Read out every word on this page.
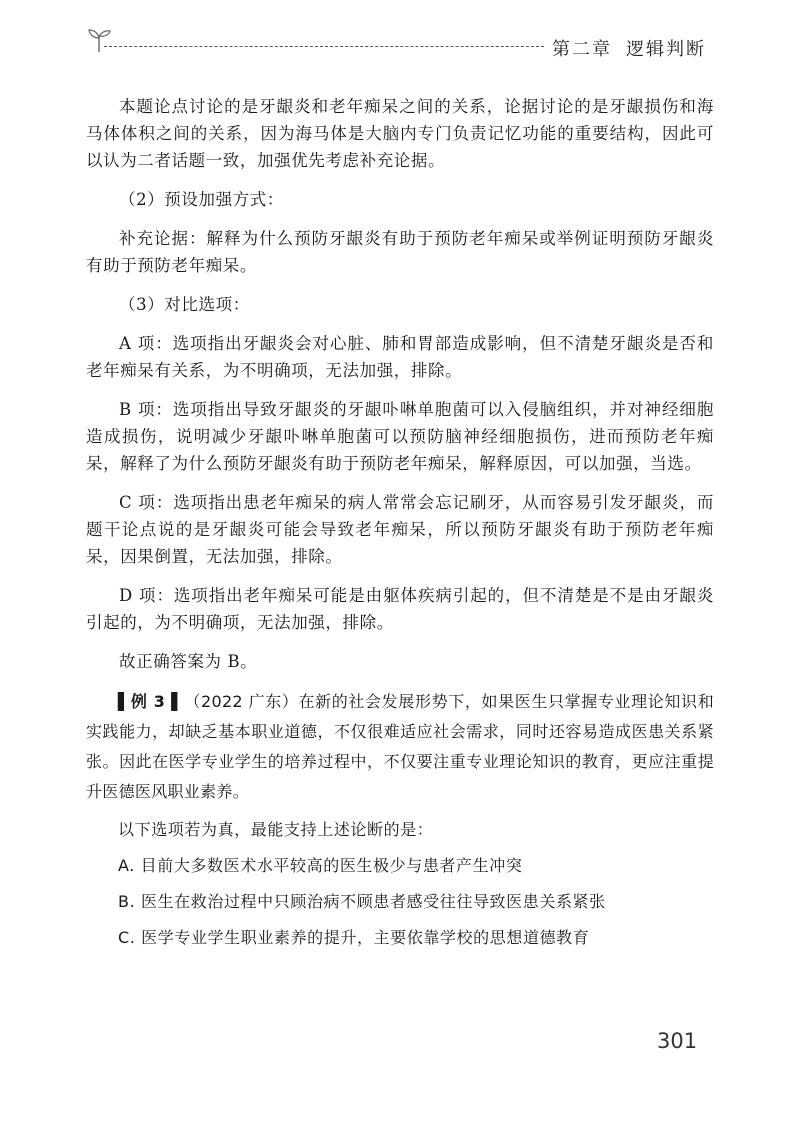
第二章 逻辑判断

本题论点讨论的是牙龈炎和老年痴呆之间的关系，论据讨论的是牙龈损伤和海马体体积之间的关系，因为海马体是大脑内专门负责记忆功能的重要结构，因此可以认为二者话题一致，加强优先考虑补充论据。

（2）预设加强方式：

补充论据：解释为什么预防牙龈炎有助于预防老年痴呆或举例证明预防牙龈炎有助于预防老年痴呆。

（3）对比选项：

A 项：选项指出牙龈炎会对心脏、肺和胃部造成影响，但不清楚牙龈炎是否和老年痴呆有关系，为不明确项，无法加强，排除。

B 项：选项指出导致牙龈炎的牙龈卟啉单胞菌可以入侵脑组织，并对神经细胞造成损伤，说明减少牙龈卟啉单胞菌可以预防脑神经细胞损伤，进而预防老年痴呆，解释了为什么预防牙龈炎有助于预防老年痴呆，解释原因，可以加强，当选。

C 项：选项指出患老年痴呆的病人常常会忘记刷牙，从而容易引发牙龈炎，而题干论点说的是牙龈炎可能会导致老年痴呆，所以预防牙龈炎有助于预防老年痴呆，因果倒置，无法加强，排除。

D 项：选项指出老年痴呆可能是由躯体疾病引起的，但不清楚是不是由牙龈炎引起的，为不明确项，无法加强，排除。

故正确答案为 B。

▌例 3 ▌（2022 广东）在新的社会发展形势下，如果医生只掌握专业理论知识和实践能力，却缺乏基本职业道德，不仅很难适应社会需求，同时还容易造成医患关系紧张。因此在医学专业学生的培养过程中，不仅要注重专业理论知识的教育，更应注重提升医德医风职业素养。

以下选项若为真，最能支持上述论断的是：

A. 目前大多数医术水平较高的医生极少与患者产生冲突

B. 医生在救治过程中只顾治病不顾患者感受往往导致医患关系紧张

C. 医学专业学生职业素养的提升，主要依靠学校的思想道德教育

301
